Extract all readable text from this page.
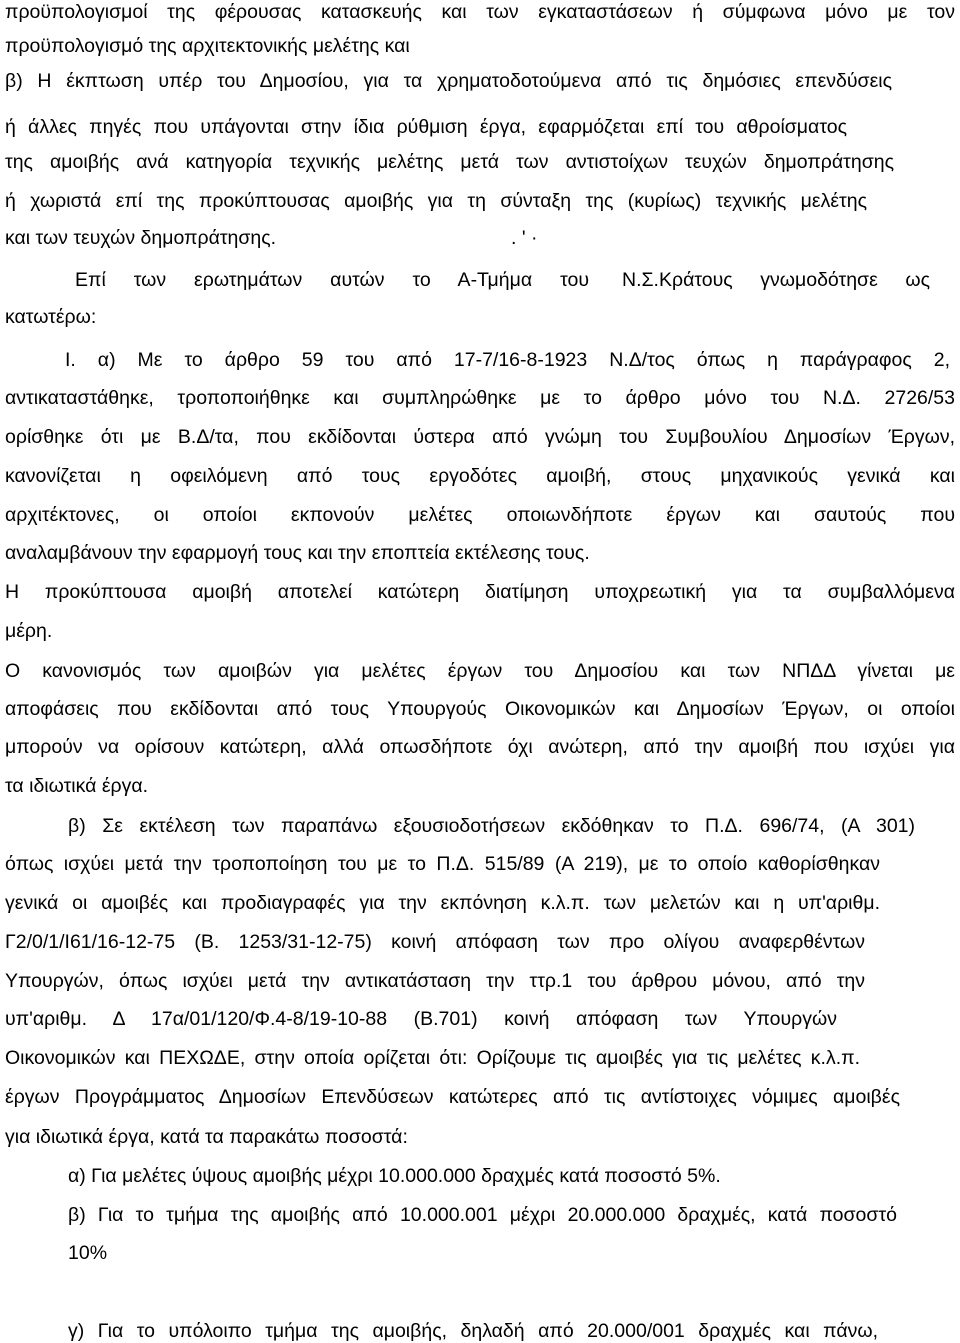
προϋπολογισμοί της φέρουσας κατασκευής και των εγκαταστάσεων ή σύμφωνα μόνο με τον
προϋπολογισμό της αρχιτεκτονικής μελέτης και
β) Η έκπτωση υπέρ του Δημοσίου, για τα χρηματοδοτούμενα από τις δημόσιες επενδύσεις
ή άλλες πηγές που υπάγονται στην ίδια ρύθμιση έργα, εφαρμόζεται επί του αθροίσματος
της αμοιβής ανά κατηγορία τεχνικής μελέτης μετά των αντιστοίχων τευχών δημοπράτησης
ή χωριστά επί της προκύπτουσας αμοιβής για τη σύνταξη της (κυρίως) τεχνικής μελέτης
και των τευχών δημοπράτησης.	. ' ·
Επί των ερωτημάτων αυτών το Α-Τμήμα του Ν.Σ.Κράτους γνωμοδότησε ως
κατωτέρω:
Ι. α) Με το άρθρο 59 του από 17-7/16-8-1923 Ν.Δ/τος όπως η παράγραφος 2,
αντικαταστάθηκε, τροποποιήθηκε και συμπληρώθηκε με το άρθρο μόνο του Ν.Δ. 2726/53
ορίσθηκε ότι με Β.Δ/τα, που εκδίδονται ύστερα από γνώμη του Συμβουλίου Δημοσίων Έργων,
κανονίζεται η οφειλόμενη από τους εργοδότες αμοιβή, στους μηχανικούς γενικά και
αρχιτέκτονες, οι οποίοι εκπονούν μελέτες οποιωνδήποτε έργων και σαυτούς που
αναλαμβάνουν την εφαρμογή τους και την εποπτεία εκτέλεσης τους.
Η προκύπτουσα αμοιβή αποτελεί κατώτερη διατίμηση υποχρεωτική για τα συμβαλλόμενα
μέρη.
Ο κανονισμός των αμοιβών για μελέτες έργων του Δημοσίου και των ΝΠΔΔ γίνεται με
αποφάσεις που εκδίδονται από τους Υπουργούς Οικονομικών και Δημοσίων Έργων, οι οποίοι
μπορούν να ορίσουν κατώτερη, αλλά οπωσδήποτε όχι ανώτερη, από την αμοιβή που ισχύει για
τα ιδιωτικά έργα.
β) Σε εκτέλεση των παραπάνω εξουσιοδοτήσεων εκδόθηκαν το Π.Δ. 696/74, (Α 301)
όπως ισχύει μετά την τροποποίηση του με το Π.Δ. 515/89 (Α 219), με το οποίο καθορίσθηκαν
γενικά οι αμοιβές και προδιαγραφές για την εκπόνηση κ.λ.π. των μελετών και η υπ'αριθμ.
Γ2/0/1/Ι61/16-12-75 (Β. 1253/31-12-75) κοινή απόφαση των προ ολίγου αναφερθέντων
Υπουργών, όπως ισχύει μετά την αντικατάσταση την ττρ.1 του άρθρου μόνου, από την
υπ'αριθμ. Δ 17α/01/120/Φ.4-8/19-10-88 (Β.701) κοινή απόφαση των Υπουργών
Οικονομικών και ΠΕΧΩΔΕ, στην οποία ορίζεται ότι: Ορίζουμε τις αμοιβές για τις μελέτες κ.λ.π.
έργων Προγράμματος Δημοσίων Επενδύσεων κατώτερες από τις αντίστοιχες νόμιμες αμοιβές
για ιδιωτικά έργα, κατά τα παρακάτω ποσοστά:
α) Για μελέτες ύψους αμοιβής μέχρι 10.000.000 δραχμές κατά ποσοστό 5%.
β) Για το τμήμα της αμοιβής από 10.000.001 μέχρι 20.000.000 δραχμές, κατά ποσοστό
10%
γ) Για το υπόλοιπο τμήμα της αμοιβής, δηλαδή από 20.000/001 δραχμές και πάνω,
